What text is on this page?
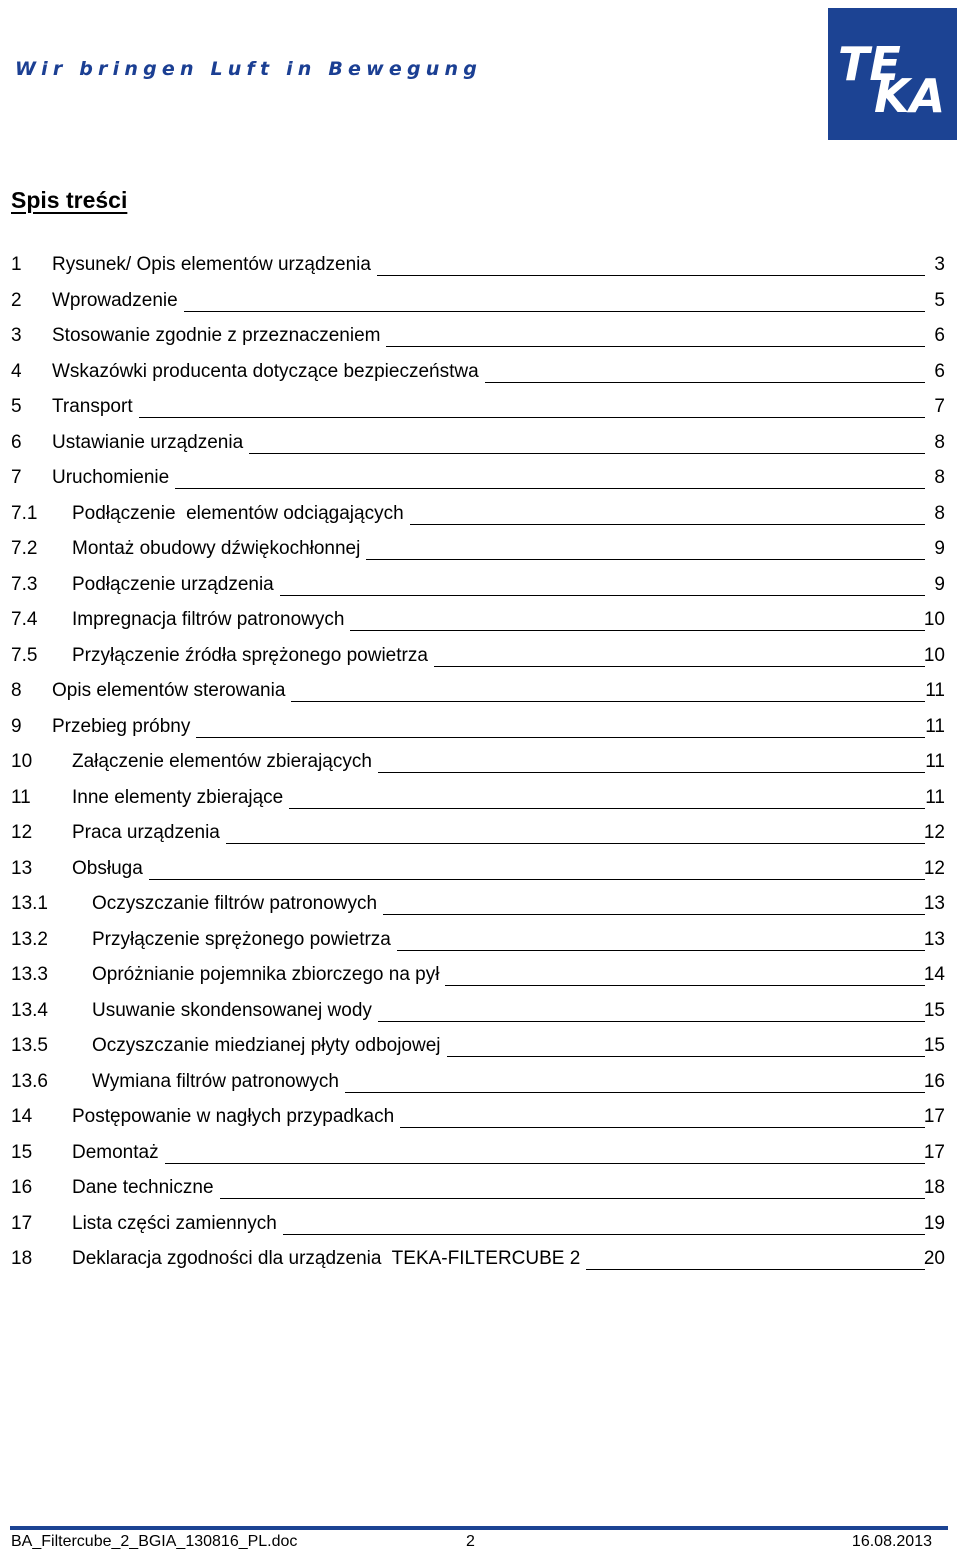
Wir bringen Luft in Bewegung	TE
KA
Spis treści
1 Rysunek/ Opis elementów urządzenia	3
2 Wprowadzenie	5
3 Stosowanie zgodnie z przeznaczeniem	6
4 Wskazówki producenta dotyczące bezpieczeństwa	6
5 Transport	7
6 Ustawianie urządzenia	8
7 Uruchomienie	8
7.1 Podłączenie  elementów odciągających	8
7.2 Montaż obudowy dźwiękochłonnej	9
7.3 Podłączenie urządzenia	9
7.4 Impregnacja filtrów patronowych	10
7.5 Przyłączenie źródła sprężonego powietrza	10
8 Opis elementów sterowania	11
9 Przebieg próbny	11
10 Załączenie elementów zbierających	11
11 Inne elementy zbierające	11
12 Praca urządzenia	12
13 Obsługa	12
13.1 Oczyszczanie filtrów patronowych	13
13.2 Przyłączenie sprężonego powietrza	13
13.3 Opróżnianie pojemnika zbiorczego na pył	14
13.4 Usuwanie skondensowanej wody	15
13.5 Oczyszczanie miedzianej płyty odbojowej	15
13.6 Wymiana filtrów patronowych	16
14 Postępowanie w nagłych przypadkach	17
15 Demontaż	17
16 Dane techniczne	18
17 Lista części zamiennych	19
18 Deklaracja zgodności dla urządzenia  TEKA-FILTERCUBE 2	20
BA_Filtercube_2_BGIA_130816_PL.doc	2	16.08.2013
